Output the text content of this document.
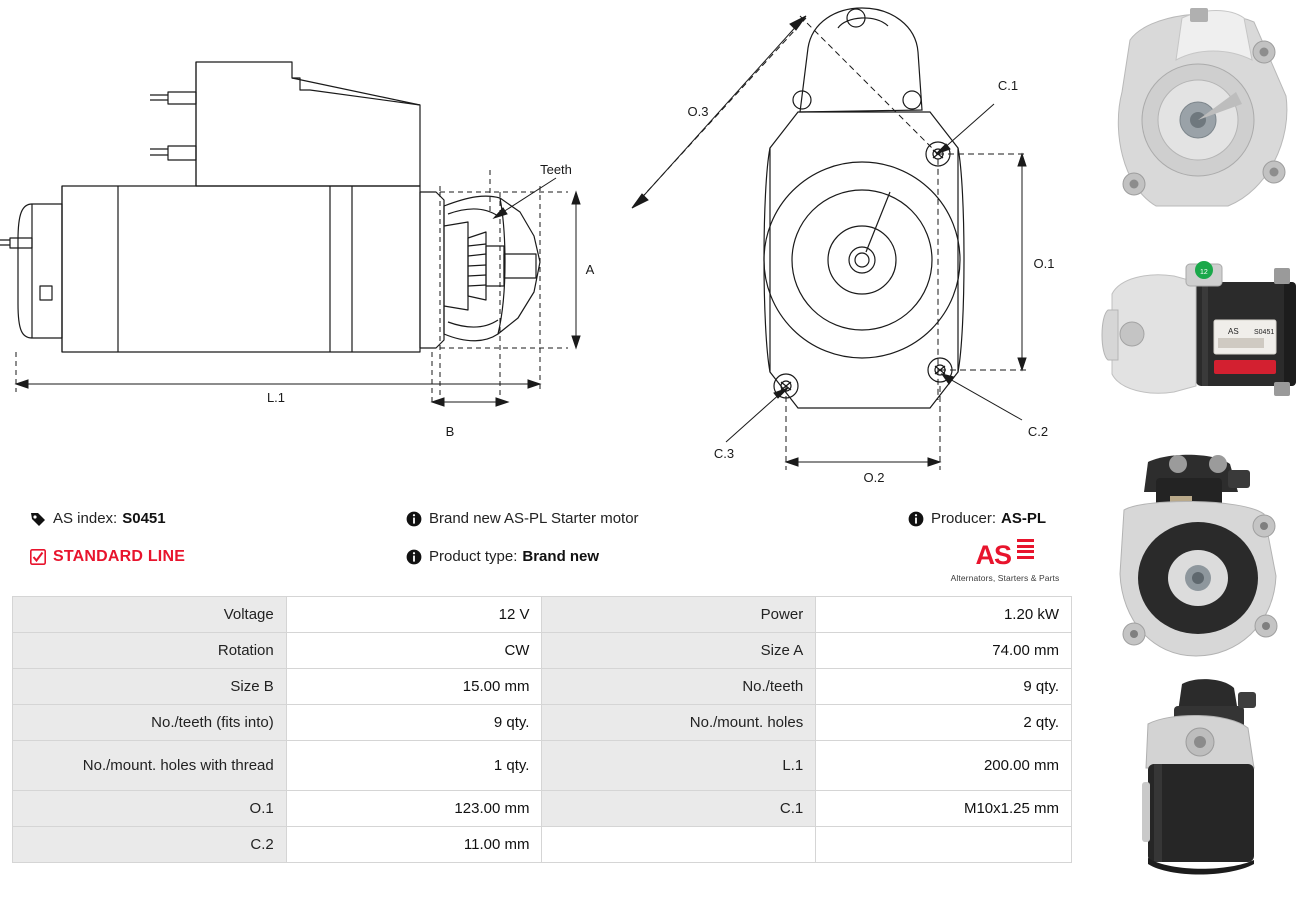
Teeth
A
L.1
B
O.3
O.1
O.2
C.1
C.2
C.3
AS index: S0451
STANDARD LINE
Brand new AS-PL Starter motor
Product type: Brand new
Producer: AS-PL
AS
Alternators, Starters & Parts
Voltage	12 V	Power	1.20 kW
Rotation	CW	Size A	74.00 mm
Size B	15.00 mm	No./teeth	9 qty.
No./teeth (fits into)	9 qty.	No./mount. holes	2 qty.
No./mount. holes with thread	1 qty.	L.1	200.00 mm
O.1	123.00 mm	C.1	M10x1.25 mm
C.2	11.00 mm		
AS S0451
12
